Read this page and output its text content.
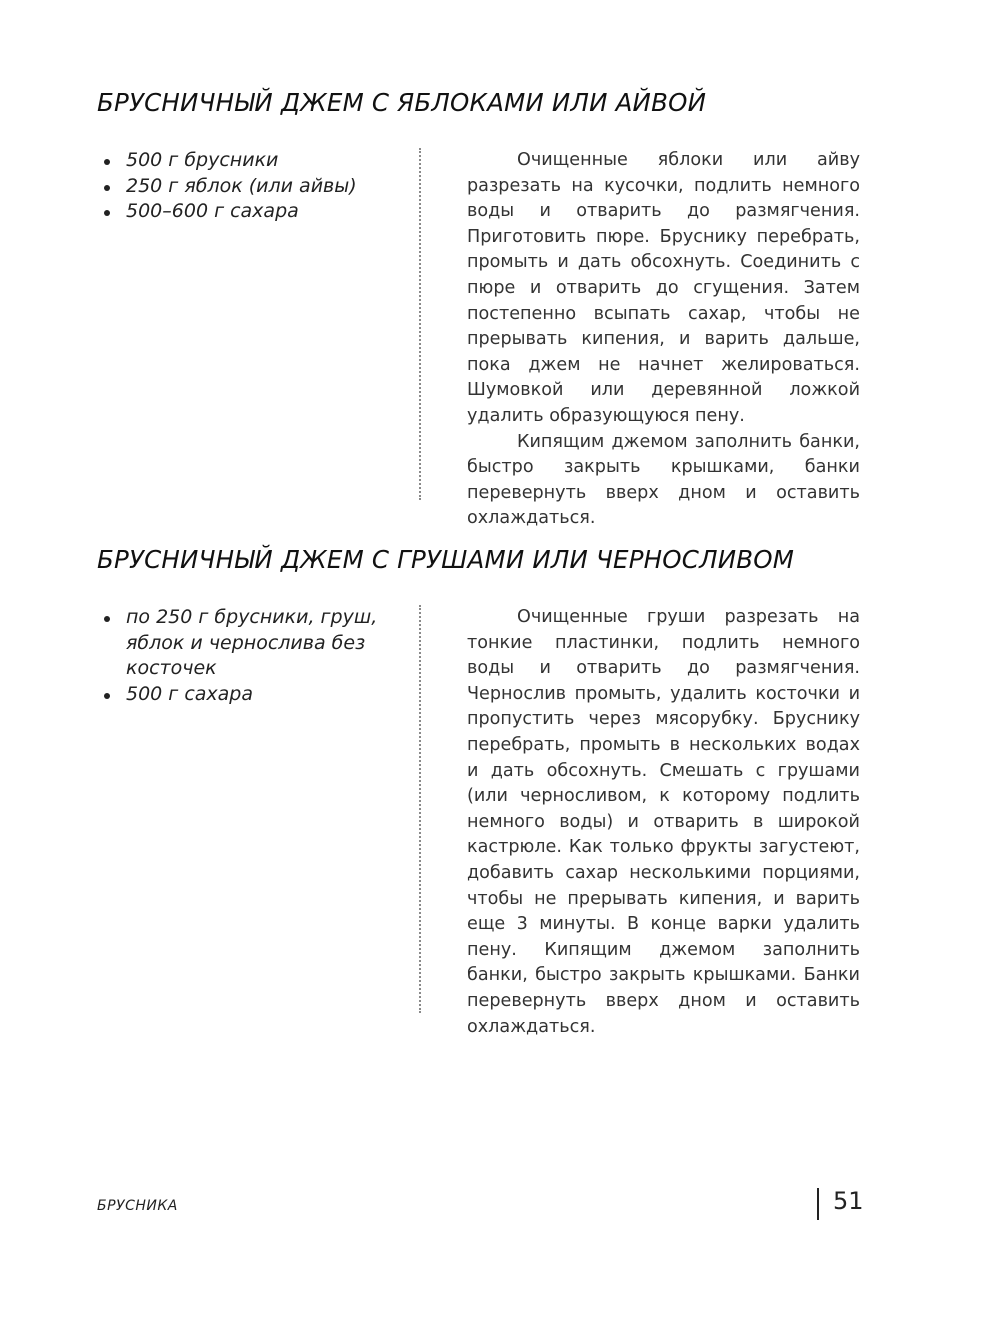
БРУСНИЧНЫЙ ДЖЕМ С ЯБЛОКАМИ ИЛИ АЙВОЙ
500 г брусники
250 г яблок (или айвы)
500–600 г сахара

Очищенные яблоки или айву разрезать на кусочки, подлить немного воды и отварить до размягчения. Приготовить пюре. Бруснику перебрать, промыть и дать обсохнуть. Соединить с пюре и отварить до сгущения. Затем постепенно всыпать сахар, чтобы не прерывать кипения, и варить дальше, пока джем не начнет желироваться. Шумовкой или деревянной ложкой удалить образующуюся пену.

Кипящим джемом заполнить банки, быстро закрыть крышками, банки перевернуть вверх дном и оставить охлаждаться.

БРУСНИЧНЫЙ ДЖЕМ С ГРУШАМИ ИЛИ ЧЕРНОСЛИВОМ
по 250 г брусники, груш, яблок и чернослива без косточек
500 г сахара

Очищенные груши разрезать на тонкие пластинки, подлить немного воды и отварить до размягчения. Чернослив промыть, удалить косточки и пропустить через мясорубку. Бруснику перебрать, промыть в нескольких водах и дать обсохнуть. Смешать с грушами (или черносливом, к которому подлить немного воды) и отварить в широкой кастрюле. Как только фрукты загустеют, добавить сахар несколькими порциями, чтобы не прерывать кипения, и варить еще 3 минуты. В конце варки удалить пену. Кипящим джемом заполнить банки, быстро закрыть крышками. Банки перевернуть вверх дном и оставить охлаждаться.

БРУСНИКА	51
